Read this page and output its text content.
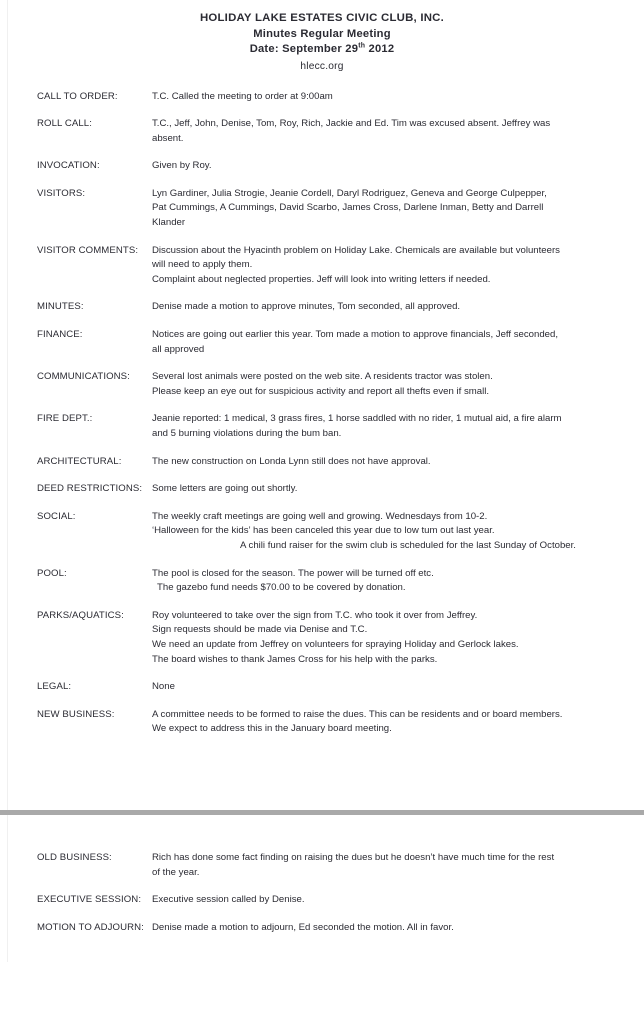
HOLIDAY LAKE ESTATES CIVIC CLUB, INC.
Minutes Regular Meeting
Date: September 29th 2012
hlecc.org
CALL TO ORDER:	T.C. Called the meeting to order at 9:00am

ROLL CALL:	T.C., Jeff, John, Denise, Tom, Roy, Rich, Jackie and Ed. Tim was excused absent. Jeffrey was

absent.

INVOCATION:	Given by Roy.

VISITORS:	Lyn Gardiner, Julia Strogie, Jeanie Cordell, Daryl Rodriguez, Geneva and George Culpepper,

Pat Cummings, A Cummings, David Scarbo, James Cross, Darlene Inman, Betty and Darrell

Klander

VISITOR COMMENTS:	Discussion about the Hyacinth problem on Holiday Lake. Chemicals are available but volunteers

will need to apply them.

Complaint about neglected properties. Jeff will look into writing letters if needed.

MINUTES:	Denise made a motion to approve minutes, Tom seconded, all approved.

FINANCE:	Notices are going out earlier this year. Tom made a motion to approve financials, Jeff seconded,

all approved

COMMUNICATIONS:	Several lost animals were posted on the web site. A residents tractor was stolen.

Please keep an eye out for suspicious activity and report all thefts even if small.

FIRE DEPT.:	Jeanie reported: 1 medical, 3 grass fires, 1 horse saddled with no rider, 1 mutual aid, a fire alarm

and 5 burning violations during the bum ban.

ARCHITECTURAL:	The new construction on Londa Lynn still does not have approval.

DEED RESTRICTIONS:	Some letters are going out shortly.

SOCIAL:	The weekly craft meetings are going well and growing. Wednesdays from 10-2.

‘Halloween for the kids’ has been canceled this year due to low tum out last year.

A chili fund raiser for the swim club is scheduled for the last Sunday of October.

POOL:	The pool is closed for the season. The power will be turned off etc.

The gazebo fund needs $70.00 to be covered by donation.

PARKS/AQUATICS:	Roy volunteered to take over the sign from T.C. who took it over from Jeffrey.

Sign requests should be made via Denise and T.C.

We need an update from Jeffrey on volunteers for spraying Holiday and Gerlock lakes.

The board wishes to thank James Cross for his help with the parks.

LEGAL:	None

NEW BUSINESS:	A committee needs to be formed to raise the dues. This can be residents and or board members.

We expect to address this in the January board meeting.

OLD BUSINESS:	Rich has done some fact finding on raising the dues but he doesn’t have much time for the rest

of the year.

EXECUTIVE SESSION:	Executive session called by Denise.

MOTION TO ADJOURN: Denise made a motion to adjourn, Ed seconded the motion. All in favor.
